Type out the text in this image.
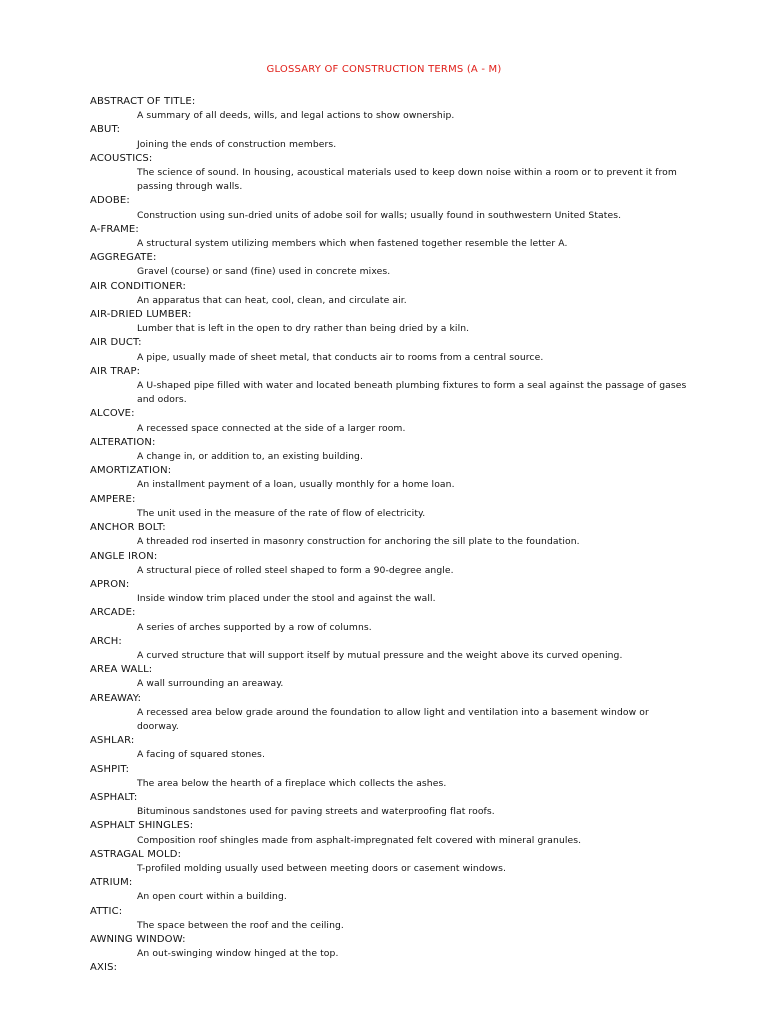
GLOSSARY OF CONSTRUCTION TERMS (A - M)
ABSTRACT OF TITLE:
A summary of all deeds, wills, and legal actions to show ownership.
ABUT:
Joining the ends of construction members.
ACOUSTICS:
The science of sound. In housing, acoustical materials used to keep down noise within a room or to prevent it from passing through walls.
ADOBE:
Construction using sun-dried units of adobe soil for walls; usually found in southwestern United States.
A-FRAME:
A structural system utilizing members which when fastened together resemble the letter A.
AGGREGATE:
Gravel (course) or sand (fine) used in concrete mixes.
AIR CONDITIONER:
An apparatus that can heat, cool, clean, and circulate air.
AIR-DRIED LUMBER:
Lumber that is left in the open to dry rather than being dried by a kiln.
AIR DUCT:
A pipe, usually made of sheet metal, that conducts air to rooms from a central source.
AIR TRAP:
A U-shaped pipe filled with water and located beneath plumbing fixtures to form a seal against the passage of gases and odors.
ALCOVE:
A recessed space connected at the side of a larger room.
ALTERATION:
A change in, or addition to, an existing building.
AMORTIZATION:
An installment payment of a loan, usually monthly for a home loan.
AMPERE:
The unit used in the measure of the rate of flow of electricity.
ANCHOR BOLT:
A threaded rod inserted in masonry construction for anchoring the sill plate to the foundation.
ANGLE IRON:
A structural piece of rolled steel shaped to form a 90-degree angle.
APRON:
Inside window trim placed under the stool and against the wall.
ARCADE:
A series of arches supported by a row of columns.
ARCH:
A curved structure that will support itself by mutual pressure and the weight above its curved opening.
AREA WALL:
A wall surrounding an areaway.
AREAWAY:
A recessed area below grade around the foundation to allow light and ventilation into a basement window or doorway.
ASHLAR:
A facing of squared stones.
ASHPIT:
The area below the hearth of a fireplace which collects the ashes.
ASPHALT:
Bituminous sandstones used for paving streets and waterproofing flat roofs.
ASPHALT SHINGLES:
Composition roof shingles made from asphalt-impregnated felt covered with mineral granules.
ASTRAGAL MOLD:
T-profiled molding usually used between meeting doors or casement windows.
ATRIUM:
An open court within a building.
ATTIC:
The space between the roof and the ceiling.
AWNING WINDOW:
An out-swinging window hinged at the top.
AXIS:
